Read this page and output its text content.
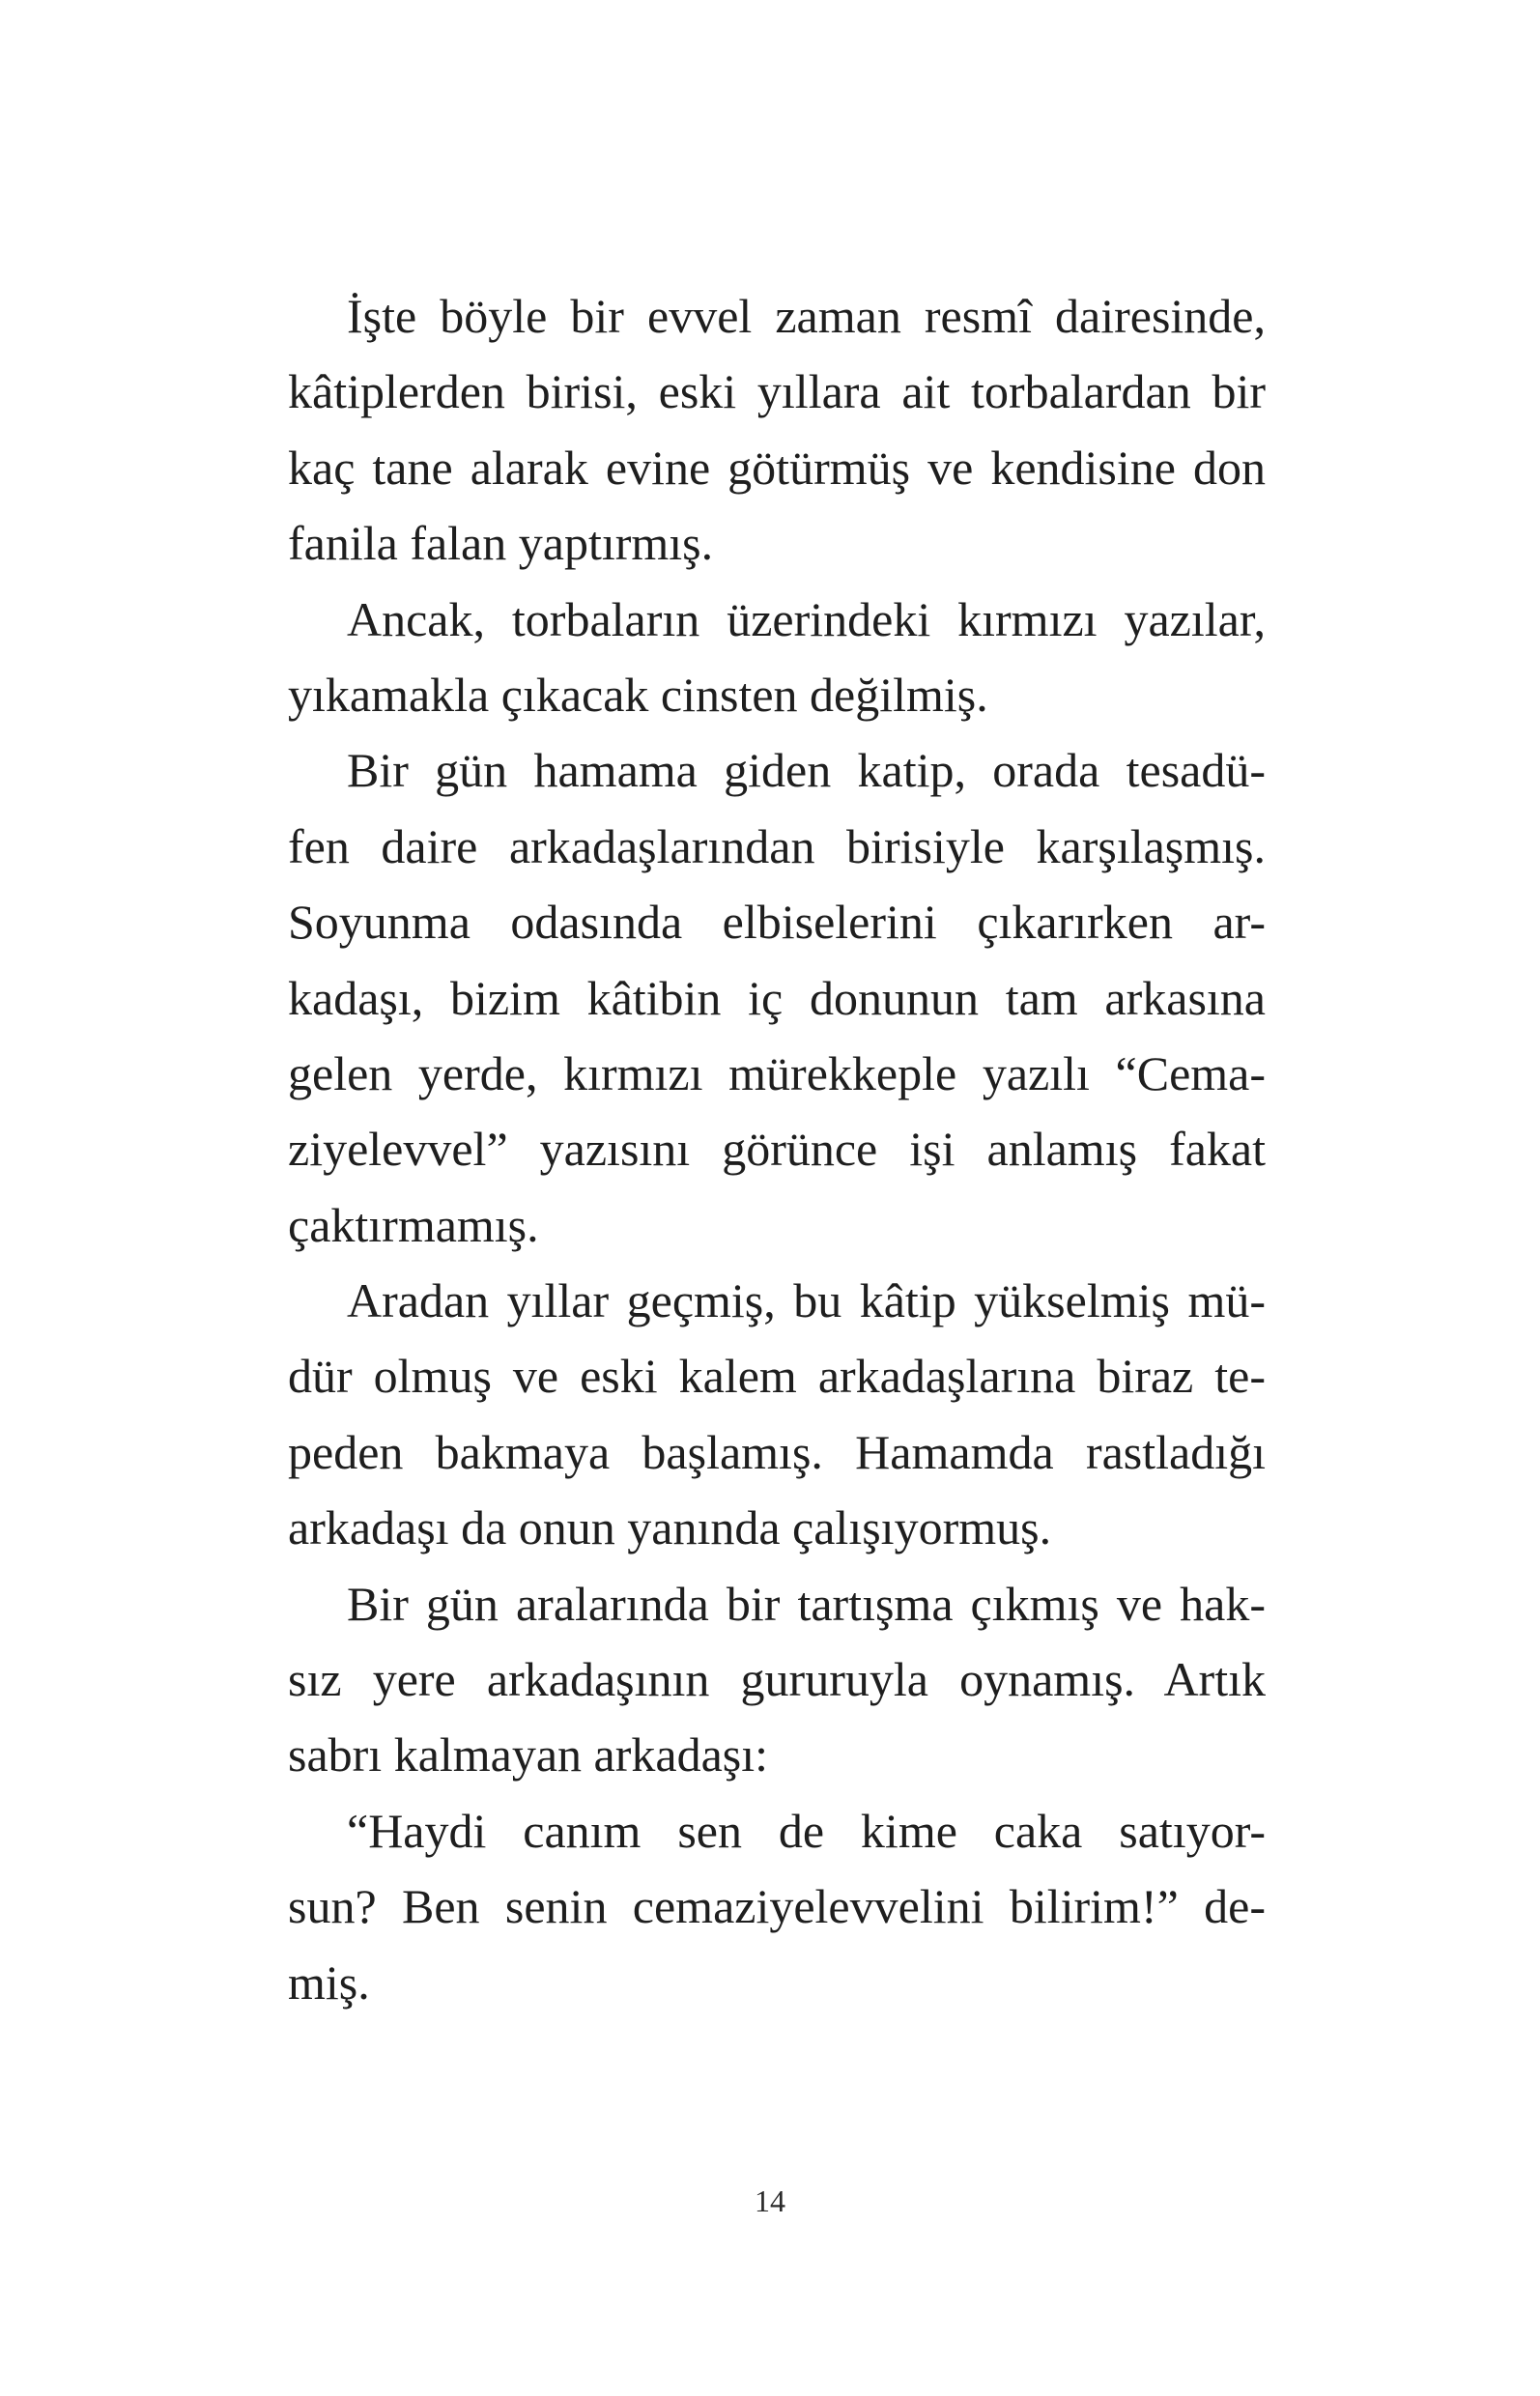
İşte böyle bir evvel zaman resmî dairesinde,
kâtiplerden birisi, eski yıllara ait torbalardan bir
kaç tane alarak evine götürmüş ve kendisine don
fanila falan yaptırmış.
Ancak, torbaların üzerindeki kırmızı yazılar,
yıkamakla çıkacak cinsten değilmiş.
Bir gün hamama giden katip, orada tesadü-
fen daire arkadaşlarından birisiyle karşılaşmış.
Soyunma odasında elbiselerini çıkarırken ar-
kadaşı, bizim kâtibin iç donunun tam arkasına
gelen yerde, kırmızı mürekkeple yazılı “Cema-
ziyelevvel” yazısını görünce işi anlamış fakat
çaktırmamış.
Aradan yıllar geçmiş, bu kâtip yükselmiş mü-
dür olmuş ve eski kalem arkadaşlarına biraz te-
peden bakmaya başlamış. Hamamda rastladığı
arkadaşı da onun yanında çalışıyormuş.
Bir gün aralarında bir tartışma çıkmış ve hak-
sız yere arkadaşının gururuyla oynamış. Artık
sabrı kalmayan arkadaşı:
“Haydi canım sen de kime caka satıyor-
sun? Ben senin cemaziyelevvelini bilirim!” de-
miş.
14
